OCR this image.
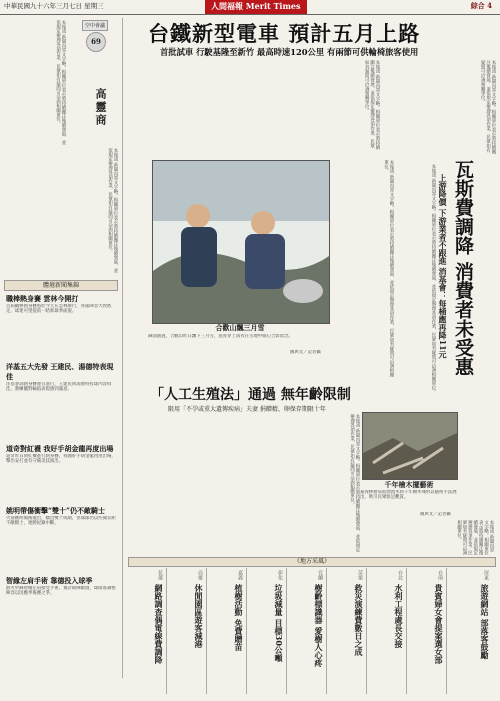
中華民國九十六年三月七日 星期三	人間福報 Merit Times	綜合 4
本報訊 新聞內容文字略。相關單位表示將持續關注後續發展，並依規定辦理各項作業，民眾如有疑問可洽詢相關單位。	空中會議
69
高靈商
本報訊 新聞內容文字略。相關單位表示將持續關注後續發展，並依規定辦理各項作業，民眾如有疑問可洽詢相關單位。
體壇新聞集錦
職棒熱身賽 雲林今開打
首屆職棒熱身賽將於今天在雲林舉行，各隊陣容大致底定，球迷可望提前一睹新球季面貌。
洋基五大先發 王建民、湯德特表現佳
洋基春訓熱身賽連日進行，王建民與湯德特投球內容俱佳，教練團對輪值表現感到滿意。
道奇對紅襪 我好手胡金龍再度出場
道奇昨日與紅襪進行熱身賽，我國好手胡金龍再度出場，擊出安打並有守備美技演出。
姚明帶傷衝擊“雙十”仍不敵騎士
火箭姚明傷後復出，繳出雙十成績，但球隊仍以些微差距不敵騎士，連勝紀錄中斷。
智緣左肩手術 靠德投入球季
熱火中鋒智緣左肩接受手術，預計缺陣數週，球隊將調整陣容以因應季後賽之爭。
台鐵新型電車 預計五月上路
首批試車 行駛基隆至新竹 最高時速120公里 有兩節可供輪椅旅客使用
本報訊 新聞內容文字略。相關單位表示將持續關注後續發展，並依規定辦理各項作業，民眾如有疑問可洽詢相關單位。
合歡山飄三月雪
鋒面通過，合歡山昨日飄下三月雪，遊客穿上雨衣在雪地中開心合影留念。
圖與文／記者攝	本報訊 新聞內容文字略。相關單位表示將持續關注後續發展，並依規定辦理各項作業，民眾如有疑問可洽詢相關單位。
「人工生殖法」通過 無年齡限制
限用「不孕或重大遺傳疾病」夫妻 捐贈精、卵保存期限十年
本報訊 新聞內容文字略。相關單位表示將持續關注後續發展，並依規定辦理各項作業，民眾如有疑問可洽詢相關單位。	千年檜木擺藝術
嘉義林務局將漂流木與千年檜木殘材以藝術手法展出，吸引民眾駐足觀賞。
圖與文／記者攝
本報訊 新聞內容文字略。相關單位表示將持續關注後續發展，並依規定辦理各項作業，民眾如有疑問可洽詢相關單位。
本報訊 新聞內容文字略。相關單位表示將持續關注後續發展，並依規定辦理各項作業，民眾如有疑問可洽詢相關單位。
瓦斯費調降 消費者未受惠
上游降價 下游業者不跟進 消基會：每桶應再降11元
本報訊 新聞內容文字略。相關單位表示將持續關注後續發展，並依規定辦理各項作業，民眾如有疑問可洽詢相關單位。
《地方采風》
花蓮
網路調查偶電線費調降
高雄
休閒園區遊客減港
嘉義
植樹活動 免費贈苗
彰化
垃圾減量 目標30公噸
宜蘭
樹齡標識器 愛樹人心疼
苗栗
救災演練費數日之成
台北
水利工程處長交接
台南
貴賓婦女會提案選女部
屏東
旅遊網站 部落客鼓勵
